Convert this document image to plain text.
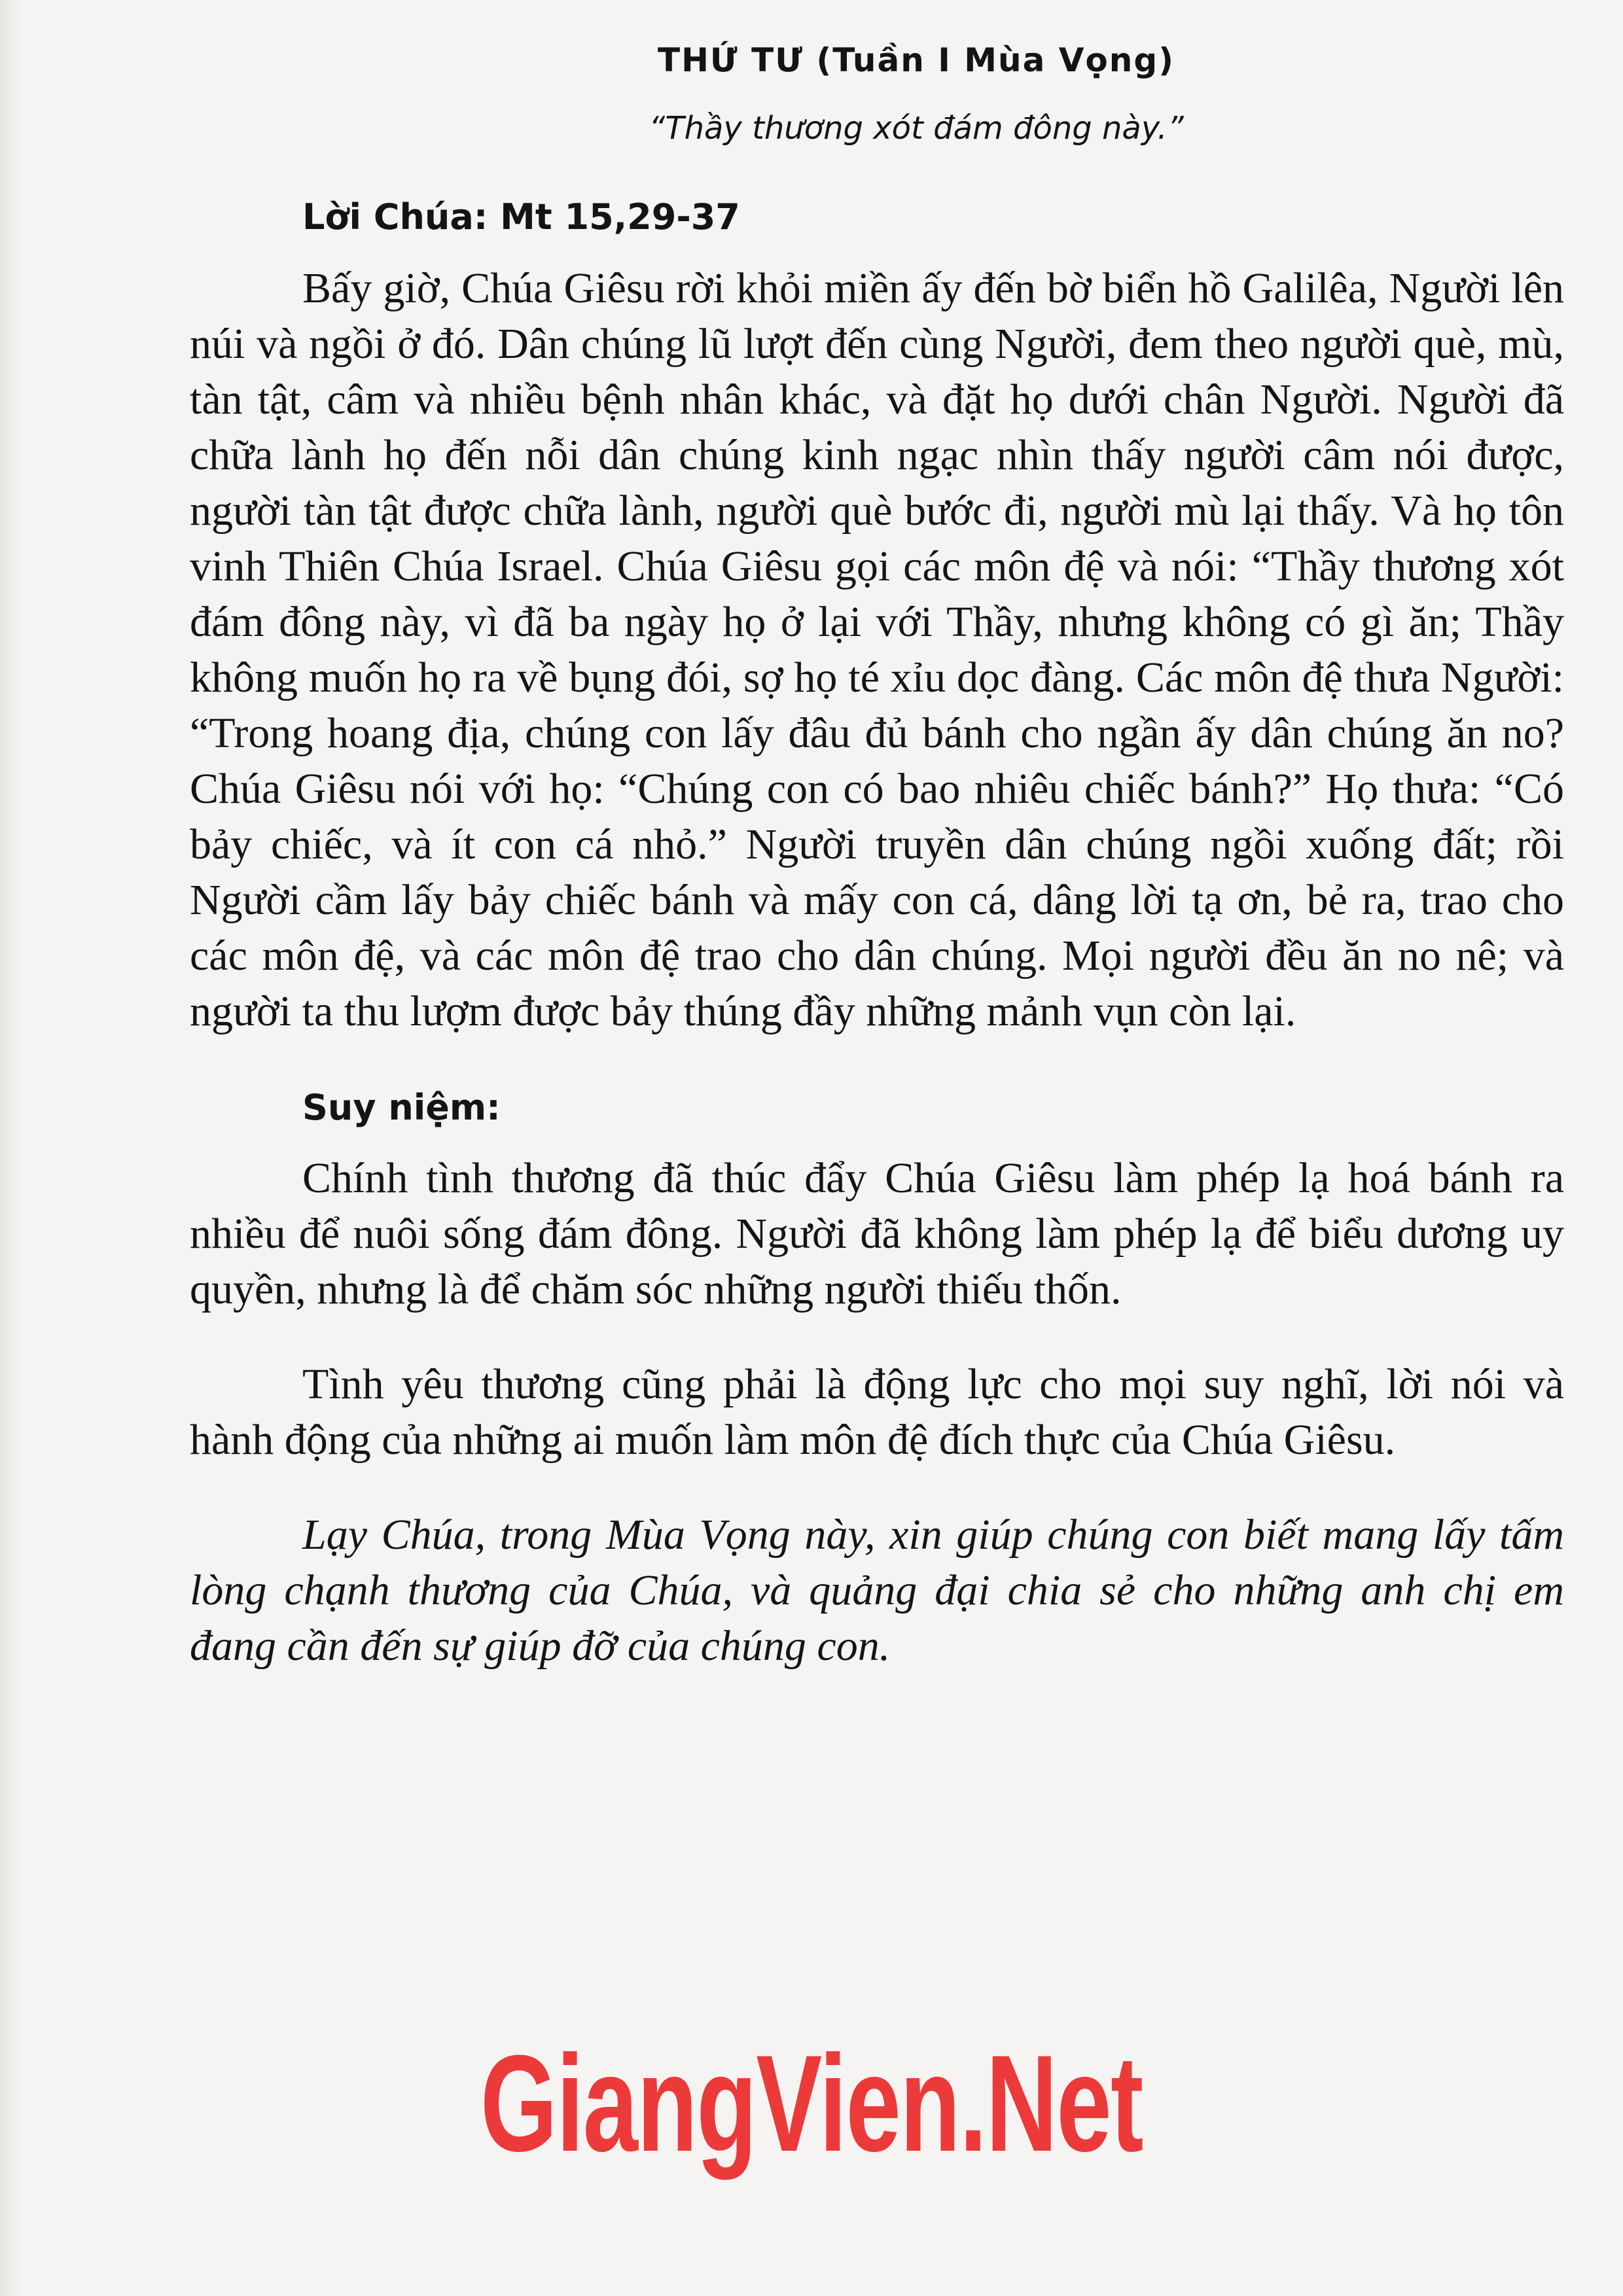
THỨ TƯ (Tuần I Mùa Vọng)
“Thầy thương xót đám đông này.”
Lời Chúa: Mt 15,29-37

Bấy giờ, Chúa Giêsu rời khỏi miền ấy đến bờ biển hồ Galilêa, Người lên núi và ngồi ở đó. Dân chúng lũ lượt đến cùng Người, đem theo người què, mù, tàn tật, câm và nhiều bệnh nhân khác, và đặt họ dưới chân Người. Người đã chữa lành họ đến nỗi dân chúng kinh ngạc nhìn thấy người câm nói được, người tàn tật được chữa lành, người què bước đi, người mù lại thấy. Và họ tôn vinh Thiên Chúa Israel. Chúa Giêsu gọi các môn đệ và nói: “Thầy thương xót đám đông này, vì đã ba ngày họ ở lại với Thầy, nhưng không có gì ăn; Thầy không muốn họ ra về bụng đói, sợ họ té xỉu dọc đàng. Các môn đệ thưa Người: “Trong hoang địa, chúng con lấy đâu đủ bánh cho ngần ấy dân chúng ăn no? Chúa Giêsu nói với họ: “Chúng con có bao nhiêu chiếc bánh?” Họ thưa: “Có bảy chiếc, và ít con cá nhỏ.” Người truyền dân chúng ngồi xuống đất; rồi Người cầm lấy bảy chiếc bánh và mấy con cá, dâng lời tạ ơn, bẻ ra, trao cho các môn đệ, và các môn đệ trao cho dân chúng. Mọi người đều ăn no nê; và người ta thu lượm được bảy thúng đầy những mảnh vụn còn lại.

Suy niệm:

Chính tình thương đã thúc đẩy Chúa Giêsu làm phép lạ hoá bánh ra nhiều để nuôi sống đám đông. Người đã không làm phép lạ để biểu dương uy quyền, nhưng là để chăm sóc những người thiếu thốn.

Tình yêu thương cũng phải là động lực cho mọi suy nghĩ, lời nói và hành động của những ai muốn làm môn đệ đích thực của Chúa Giêsu.

Lạy Chúa, trong Mùa Vọng này, xin giúp chúng con biết mang lấy tấm lòng chạnh thương của Chúa, và quảng đại chia sẻ cho những anh chị em đang cần đến sự giúp đỡ của chúng con.

GiangVien.Net
